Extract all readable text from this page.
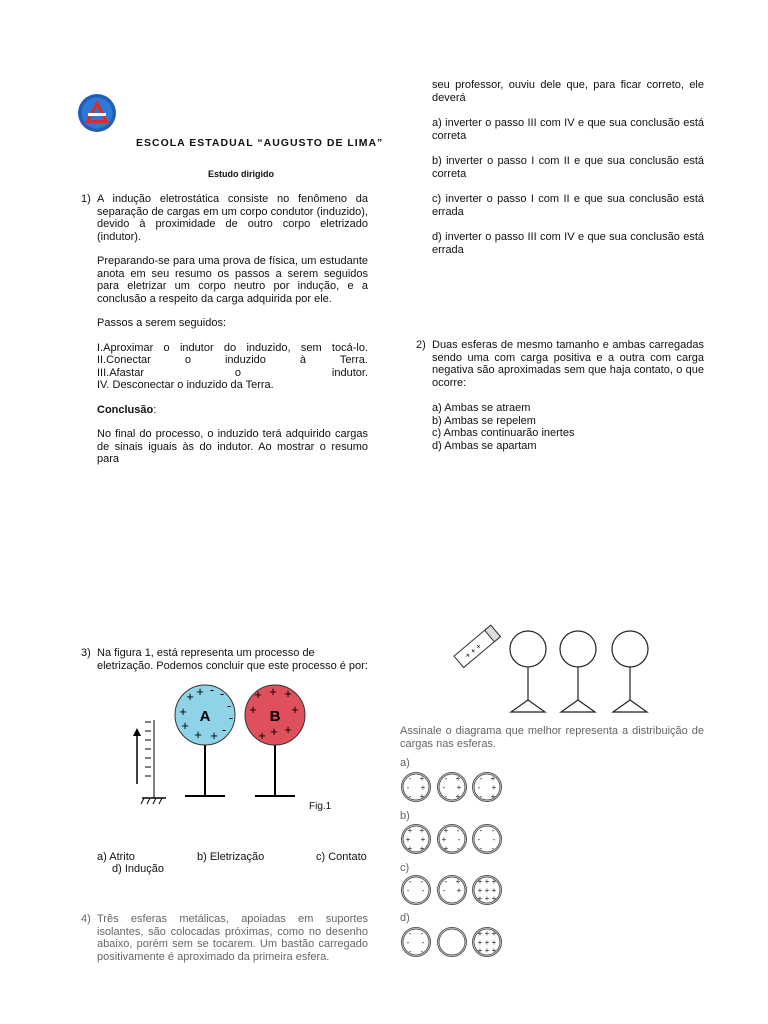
ESCOLA ESTADUAL “AUGUSTO DE LIMA”
Estudo dirigido
1) A indução eletrostática consiste no fenômeno da separação de cargas em um corpo condutor (induzido), devido à proximidade de outro corpo eletrizado (indutor).

Preparando-se para uma prova de física, um estudante anota em seu resumo os passos a serem seguidos para eletrizar um corpo neutro por indução, e a conclusão a respeito da carga adquirida por ele.

Passos a serem seguidos:

I.Aproximar o indutor do induzido, sem tocá-lo.

II.Conectar o induzido à Terra.

III.Afastar o indutor.

IV. Desconectar o induzido da Terra.

Conclusão:

No final do processo, o induzido terá adquirido cargas de sinais iguais às do indutor. Ao mostrar o resumo para

seu professor, ouviu dele que, para ficar correto, ele deverá

a) inverter o passo III com IV e que sua conclusão está correta

b) inverter o passo I com II e que sua conclusão está correta

c) inverter o passo I com II e que sua conclusão está errada

d) inverter o passo III com IV e que sua conclusão está errada

2) Duas esferas de mesmo tamanho e ambas carregadas sendo uma com carga positiva e a outra com carga negativa são aproximadas sem que haja contato, o que ocorre:

a) Ambas se atraem

b) Ambas se repelem

c) Ambas continuarão inertes

d) Ambas se apartam

3) Na figura 1, está representa um processo de eletrização. Podemos concluir que este processo é por:
A	B
+
+
+
+ +
+ - -
-
-
-
+ + +
+	+
+ + +
Fig.1
a) Atrito	b) Eletrização	c) Contato
d) Indução
4) Três esferas metálicas, apoiadas em suportes isolantes, são colocadas próximas, como no desenho abaixo, porém sem se tocarem. Um bastão carregado positivamente é aproximado da primeira esfera.
+ + +
Assinale o diagrama que melhor representa a distribuição de cargas nas esferas.
a)
b)
c)
d)
- +
- +
- +
- +
- +
- +
- +
- +
- +
+ +
+ +
+ +
+ -
+ -
+ -
- -
- -
- -
- -
- -
- +
- +
+ + +
+ + +
+ + +
- -
- -
- -
+ + +
+ + +
+ + +
